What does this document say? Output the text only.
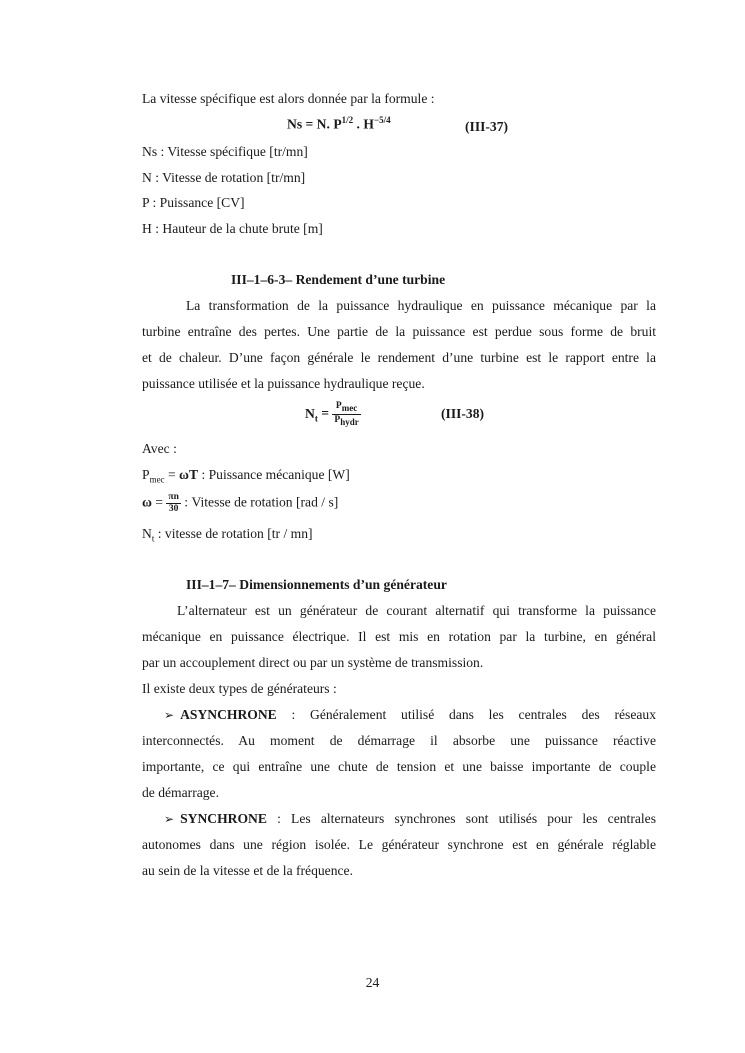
La vitesse spécifique est alors donnée par la formule :
Ns = N. $P^{1/2}$ . $H^{-5/4}$	(III-37)
Ns : Vitesse spécifique [tr/mn]
N : Vitesse de rotation [tr/mn]
P : Puissance [CV]
H : Hauteur de la chute brute [m]
III–1–6-3– Rendement d’une turbine
La transformation de la puissance hydraulique en puissance mécanique par la
turbine entraîne des pertes. Une partie de la puissance est perdue sous forme de bruit
et de chaleur. D’une façon générale le rendement d’une turbine est le rapport entre la
puissance utilisée et la puissance hydraulique reçue.
$N_t = \frac{P_{mec}}{P_{hydr}}$	(III-38)
Avec :
$P_{mec} = \omega T$ : Puissance mécanique [W]
$\omega = \frac{\pi n}{30}$ : Vitesse de rotation [rad / s]
$N_t$ : vitesse de rotation [tr / mn]
III–1–7– Dimensionnements d’un générateur
L’alternateur est un générateur de courant alternatif qui transforme la puissance
mécanique en puissance électrique. Il est mis en rotation par la turbine, en général
par un accouplement direct ou par un système de transmission.
Il existe deux types de générateurs :
➢ ASYNCHRONE : Généralement utilisé dans les centrales des réseaux
interconnectés. Au moment de démarrage il absorbe une puissance réactive
importante, ce qui entraîne une chute de tension et une baisse importante de couple
de démarrage.
➢ SYNCHRONE : Les alternateurs synchrones sont utilisés pour les centrales
autonomes dans une région isolée. Le générateur synchrone est en générale réglable
au sein de la vitesse et de la fréquence.
24
